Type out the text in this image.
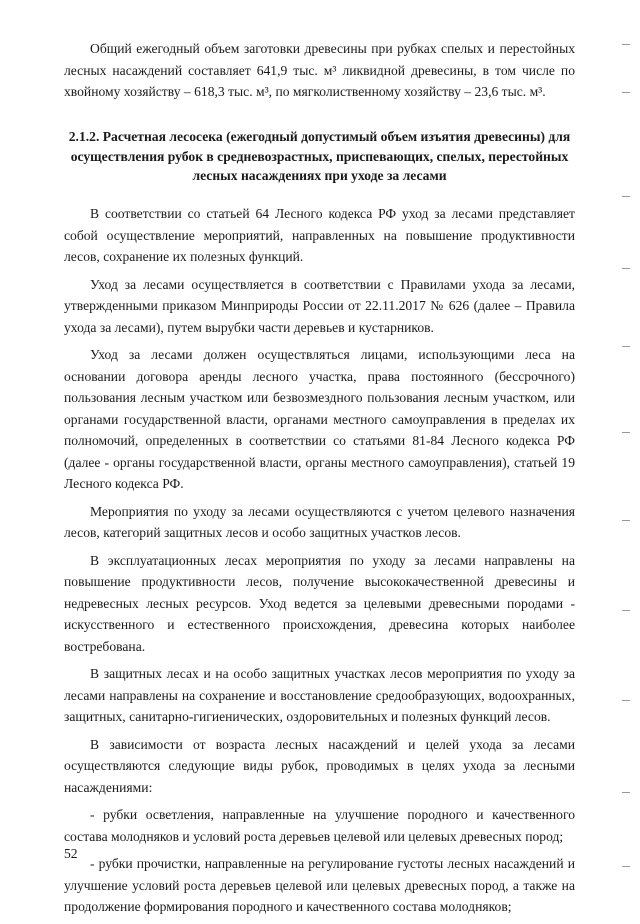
Общий ежегодный объем заготовки древесины при рубках спелых и перестойных лесных насаждений составляет 641,9 тыс. м³ ликвидной древесины, в том числе по хвойному хозяйству – 618,3 тыс. м³, по мягколиственному хозяйству – 23,6 тыс. м³.

2.1.2. Расчетная лесосека (ежегодный допустимый объем изъятия древесины) для осуществления рубок в средневозрастных, приспевающих, спелых, перестойных лесных насаждениях при уходе за лесами

В соответствии со статьей 64 Лесного кодекса РФ уход за лесами представляет собой осуществление мероприятий, направленных на повышение продуктивности лесов, сохранение их полезных функций.

Уход за лесами осуществляется в соответствии с Правилами ухода за лесами, утвержденными приказом Минприроды России от 22.11.2017 № 626 (далее – Правила ухода за лесами), путем вырубки части деревьев и кустарников.

Уход за лесами должен осуществляться лицами, использующими леса на основании договора аренды лесного участка, права постоянного (бессрочного) пользования лесным участком или безвозмездного пользования лесным участком, или органами государственной власти, органами местного самоуправления в пределах их полномочий, определенных в соответствии со статьями 81-84 Лесного кодекса РФ (далее - органы государственной власти, органы местного самоуправления), статьей 19 Лесного кодекса РФ.

Мероприятия по уходу за лесами осуществляются с учетом целевого назначения лесов, категорий защитных лесов и особо защитных участков лесов.

В эксплуатационных лесах мероприятия по уходу за лесами направлены на повышение продуктивности лесов, получение высококачественной древесины и недревесных лесных ресурсов. Уход ведется за целевыми древесными породами - искусственного и естественного происхождения, древесина которых наиболее востребована.

В защитных лесах и на особо защитных участках лесов мероприятия по уходу за лесами направлены на сохранение и восстановление средообразующих, водоохранных, защитных, санитарно-гигиенических, оздоровительных и полезных функций лесов.

В зависимости от возраста лесных насаждений и целей ухода за лесами осуществляются следующие виды рубок, проводимых в целях ухода за лесными насаждениями:

- рубки осветления, направленные на улучшение породного и качественного состава молодняков и условий роста деревьев целевой или целевых древесных пород;

- рубки прочистки, направленные на регулирование густоты лесных насаждений и улучшение условий роста деревьев целевой или целевых древесных пород, а также на продолжение формирования породного и качественного состава молодняков;

52
